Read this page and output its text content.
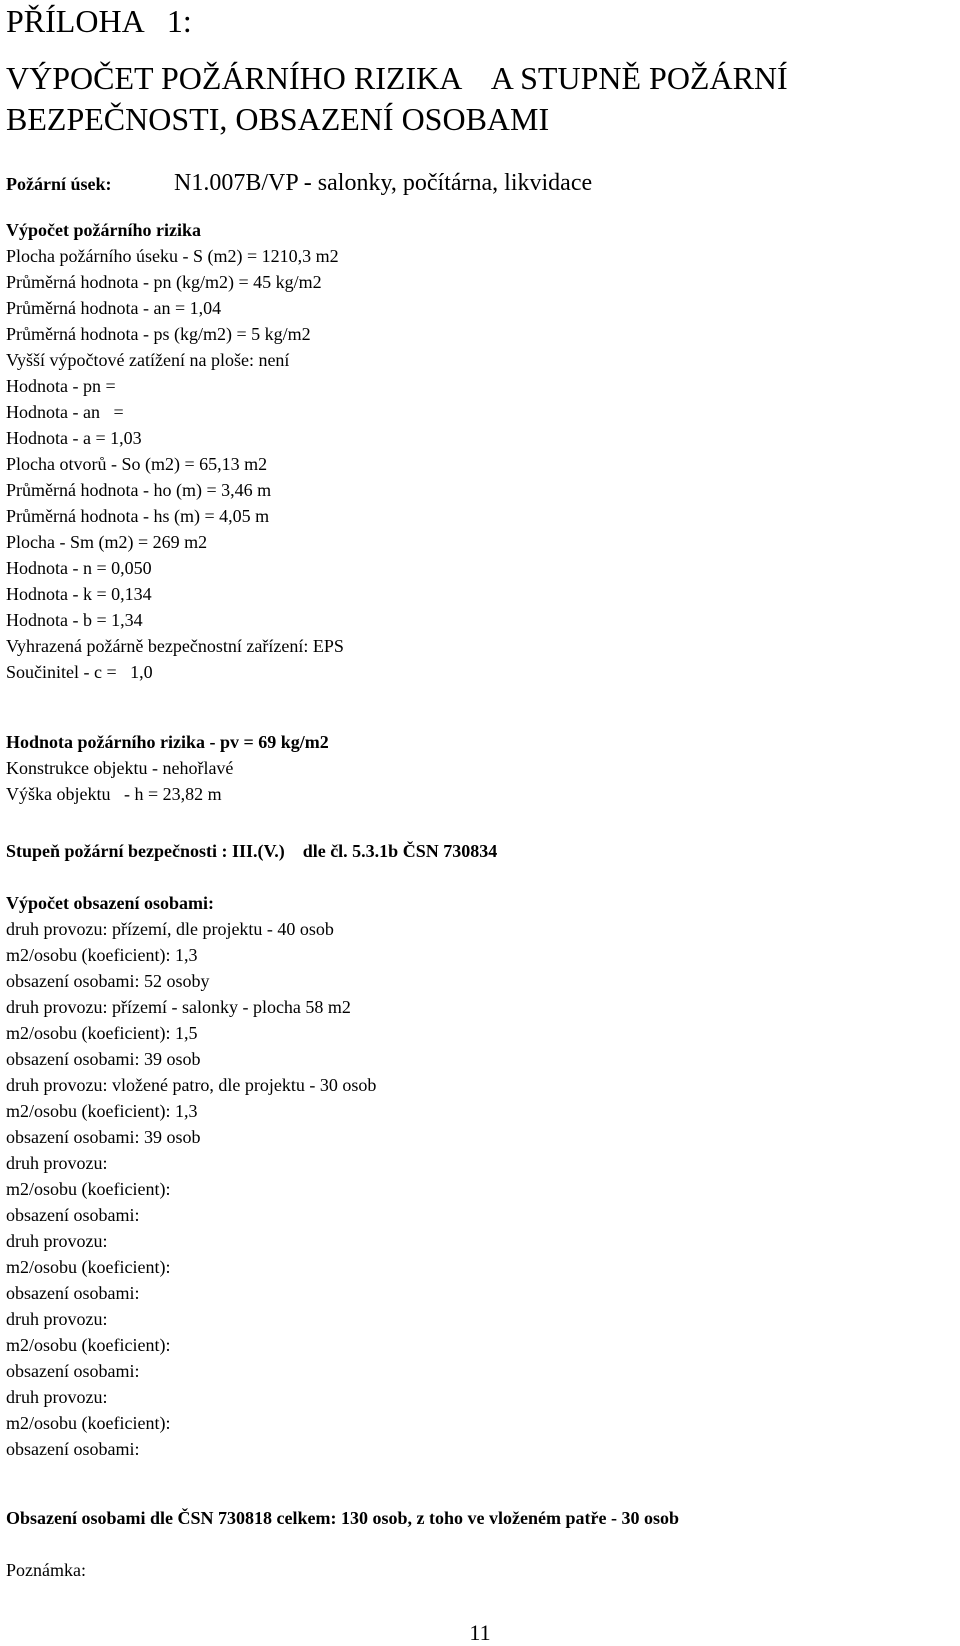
PŘÍLOHA   1:
VÝPOČET POŽÁRNÍHO RIZIKA    A STUPNĚ POŽÁRNÍ
BEZPEČNOSTI, OBSAZENÍ OSOBAMI
Požární úsek:	N1.007B/VP - salonky, počítárna, likvidace
Výpočet požárního rizika
Plocha požárního úseku - S (m2) = 1210,3 m2
Průměrná hodnota - pn (kg/m2) = 45 kg/m2
Průměrná hodnota - an = 1,04
Průměrná hodnota - ps (kg/m2) = 5 kg/m2
Vyšší výpočtové zatížení na ploše: není
Hodnota - pn =
Hodnota - an   =
Hodnota - a = 1,03
Plocha otvorů - So (m2) = 65,13 m2
Průměrná hodnota - ho (m) = 3,46 m
Průměrná hodnota - hs (m) = 4,05 m
Plocha - Sm (m2) = 269 m2
Hodnota - n = 0,050
Hodnota - k = 0,134
Hodnota - b = 1,34
Vyhrazená požárně bezpečnostní zařízení: EPS
Součinitel - c =   1,0
Hodnota požárního rizika - pv = 69 kg/m2
Konstrukce objektu - nehořlavé
Výška objektu   - h = 23,82 m
Stupeň požární bezpečnosti : III.(V.)    dle čl. 5.3.1b ČSN 730834
Výpočet obsazení osobami:
druh provozu: přízemí, dle projektu - 40 osob
m2/osobu (koeficient): 1,3
obsazení osobami: 52 osoby
druh provozu: přízemí - salonky - plocha 58 m2
m2/osobu (koeficient): 1,5
obsazení osobami: 39 osob
druh provozu: vložené patro, dle projektu - 30 osob
m2/osobu (koeficient): 1,3
obsazení osobami: 39 osob
druh provozu:
m2/osobu (koeficient):
obsazení osobami:
druh provozu:
m2/osobu (koeficient):
obsazení osobami:
druh provozu:
m2/osobu (koeficient):
obsazení osobami:
druh provozu:
m2/osobu (koeficient):
obsazení osobami:
Obsazení osobami dle ČSN 730818 celkem: 130 osob, z toho ve vloženém patře - 30 osob
Poznámka:
11
